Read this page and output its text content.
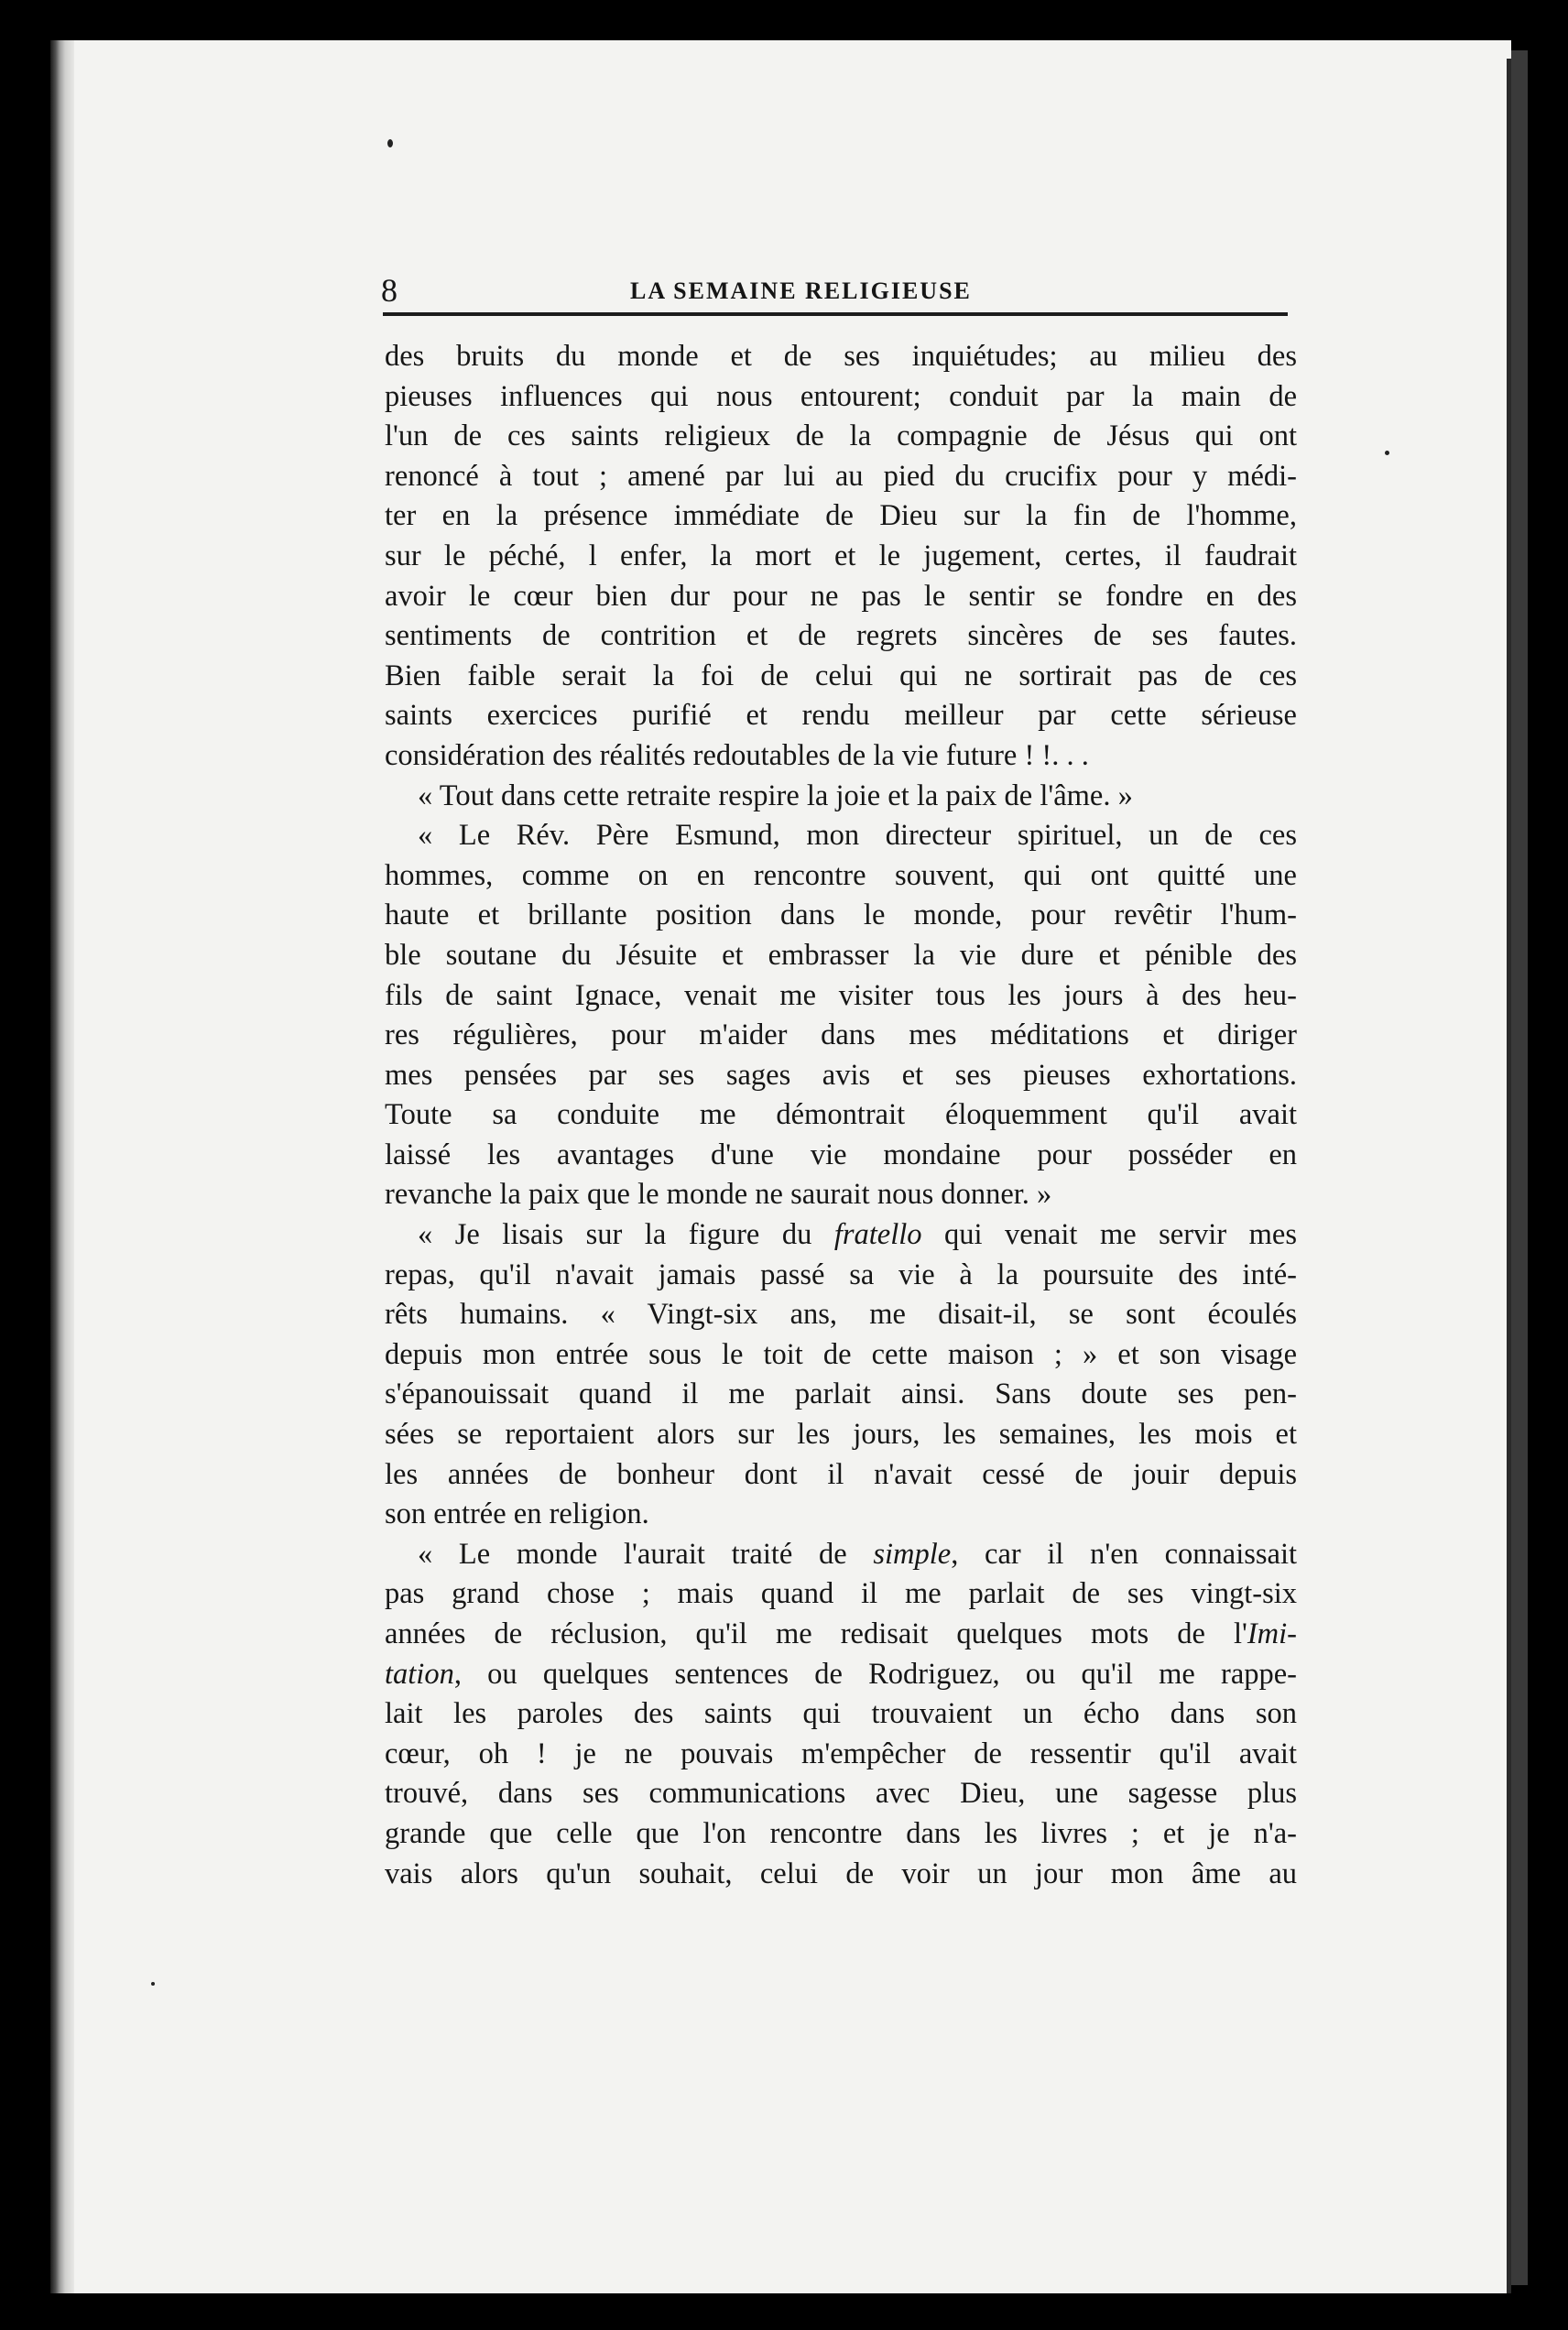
8	LA SEMAINE RELIGIEUSE
des bruits du monde et de ses inquiétudes; au milieu des
pieuses influences qui nous entourent; conduit par la main de
l'un de ces saints religieux de la compagnie de Jésus qui ont
renoncé à tout ; amené par lui au pied du crucifix pour y médi-
ter en la présence immédiate de Dieu sur la fin de l'homme,
sur le péché, l enfer, la mort et le jugement, certes, il faudrait
avoir le cœur bien dur pour ne pas le sentir se fondre en des
sentiments de contrition et de regrets sincères de ses fautes.
Bien faible serait la foi de celui qui ne sortirait pas de ces
saints exercices purifié et rendu meilleur par cette sérieuse
considération des réalités redoutables de la vie future ! !. . .
« Tout dans cette retraite respire la joie et la paix de l'âme. »
« Le Rév. Père Esmund, mon directeur spirituel, un de ces
hommes, comme on en rencontre souvent, qui ont quitté une
haute et brillante position dans le monde, pour revêtir l'hum-
ble soutane du Jésuite et embrasser la vie dure et pénible des
fils de saint Ignace, venait me visiter tous les jours à des heu-
res régulières, pour m'aider dans mes méditations et diriger
mes pensées par ses sages avis et ses pieuses exhortations.
Toute sa conduite me démontrait éloquemment qu'il avait
laissé les avantages d'une vie mondaine pour posséder en
revanche la paix que le monde ne saurait nous donner. »
« Je lisais sur la figure du fratello qui venait me servir mes
repas, qu'il n'avait jamais passé sa vie à la poursuite des inté-
rêts humains. « Vingt-six ans, me disait-il, se sont écoulés
depuis mon entrée sous le toit de cette maison ; » et son visage
s'épanouissait quand il me parlait ainsi. Sans doute ses pen-
sées se reportaient alors sur les jours, les semaines, les mois et
les années de bonheur dont il n'avait cessé de jouir depuis
son entrée en religion.
« Le monde l'aurait traité de simple, car il n'en connaissait
pas grand chose ; mais quand il me parlait de ses vingt-six
années de réclusion, qu'il me redisait quelques mots de l'Imi-
tation, ou quelques sentences de Rodriguez, ou qu'il me rappe-
lait les paroles des saints qui trouvaient un écho dans son
cœur, oh ! je ne pouvais m'empêcher de ressentir qu'il avait
trouvé, dans ses communications avec Dieu, une sagesse plus
grande que celle que l'on rencontre dans les livres ; et je n'a-
vais alors qu'un souhait, celui de voir un jour mon âme au
